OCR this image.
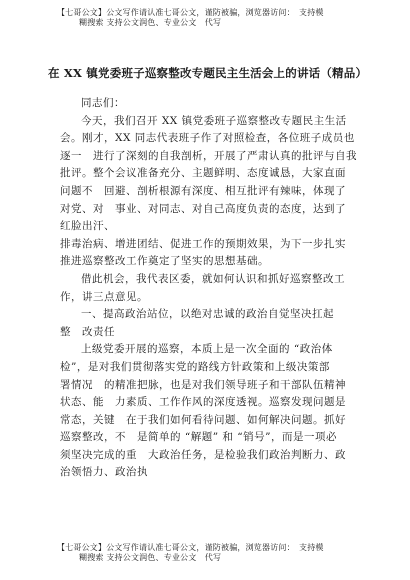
【七哥公文】公文写作请认准七哥公文，谨防被骗，浏览器访问：　支持模
糊搜索 支持公文润色、专业公文　代写
在 XX 镇党委班子巡察整改专题民主生活会上的讲话（精品）
同志们：
今天，我们召开 XX 镇党委班子巡察整改专题民主生活
会。刚才，XX 同志代表班子作了对照检查，各位班子成员也
逐一　进行了深刻的自我剖析，开展了严肃认真的批评与自我
批评。整个会议准备充分、主题鲜明、态度诚恳，大家直面
问题不　回避、剖析根源有深度、相互批评有辣味，体现了
对党、对　事业、对同志、对自己高度负责的态度，达到了
红脸出汗、
排毒治病、增进团结、促进工作的预期效果，为下一步扎实
推进巡察整改工作奠定了坚实的思想基础。
借此机会，我代表区委，就如何认识和抓好巡察整改工
作，讲三点意见。
一、提高政治站位，以绝对忠诚的政治自觉坚决扛起
整　改责任
上级党委开展的巡察，本质上是一次全面的 “政治体
检”，是对我们贯彻落实党的路线方针政策和上级决策部
署情况　的精准把脉，也是对我们领导班子和干部队伍精神
状态、能　力素质、工作作风的深度透视。巡察发现问题是
常态，关键　在于我们如何看待问题、如何解决问题。抓好
巡察整改，不　是简单的 “解题” 和 “销号”，而是一项必
须坚决完成的重　大政治任务，是检验我们政治判断力、政
治领悟力、政治执
【七哥公文】公文写作请认准七哥公文，谨防被骗，浏览器访问：　支持模
糊搜索 支持公文润色、专业公文　代写
